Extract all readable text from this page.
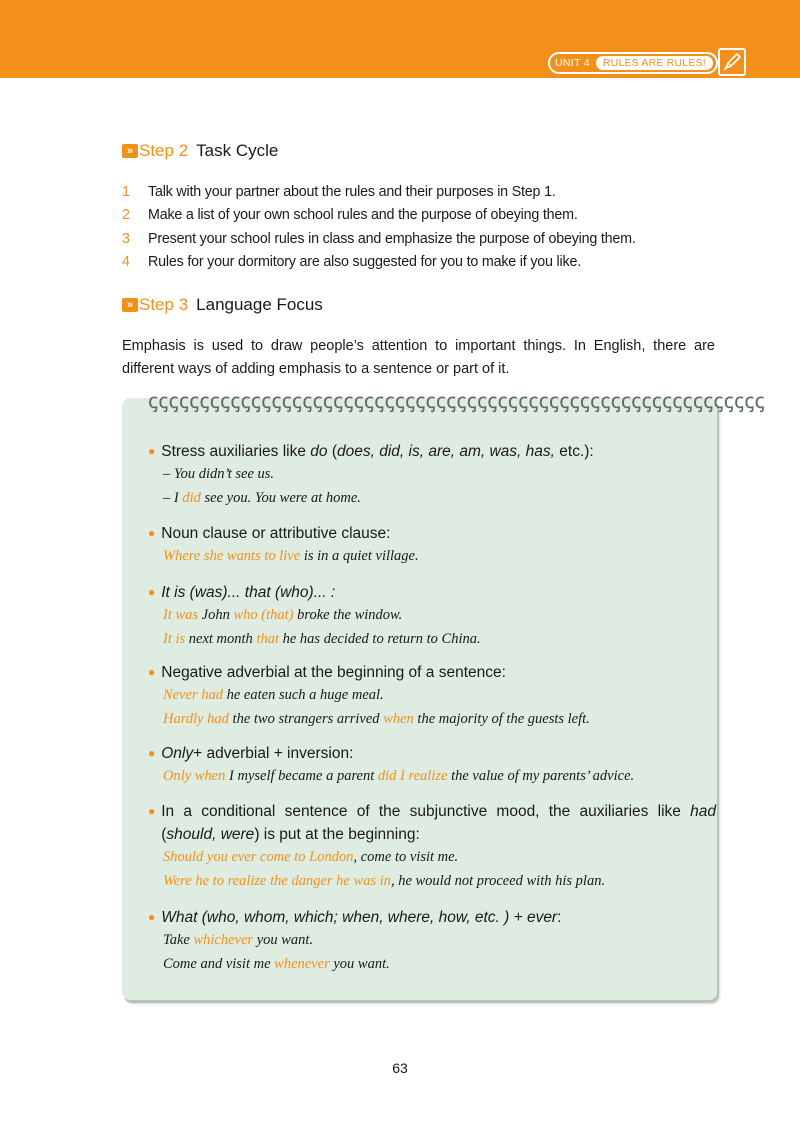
UNIT 4	RULES ARE RULES!
» Step 2 Task Cycle
1	Talk with your partner about the rules and their purposes in Step 1.
2	Make a list of your own school rules and the purpose of obeying them.
3	Present your school rules in class and emphasize the purpose of obeying them.
4	Rules for your dormitory are also suggested for you to make if you like.
» Step 3 Language Focus

Emphasis is used to draw people’s attention to important things. In English, there are different ways of adding emphasis to a sentence or part of it.

ꞔꞔꞔꞔꞔꞔꞔꞔꞔꞔꞔꞔꞔꞔꞔꞔꞔꞔꞔꞔꞔꞔꞔꞔꞔꞔꞔꞔꞔꞔꞔꞔꞔꞔꞔꞔꞔꞔꞔꞔꞔꞔꞔꞔꞔꞔꞔꞔꞔꞔꞔꞔꞔꞔꞔꞔꞔꞔꞔꞔ
● Stress auxiliaries like do (does, did, is, are, am, was, has, etc.):
– You didn’t see us.
– I did see you. You were at home.
● Noun clause or attributive clause:
Where she wants to live is in a quiet village.
● It is (was)... that (who)... :
It was John who (that) broke the window.
It is next month that he has decided to return to China.
● Negative adverbial at the beginning of a sentence:
Never had he eaten such a huge meal.
Hardly had the two strangers arrived when the majority of the guests left.
● Only+ adverbial + inversion:
Only when I myself became a parent did I realize the value of my parents’ advice.
● In a conditional sentence of the subjunctive mood, the auxiliaries like had (should, were) is put at the beginning:
Should you ever come to London, come to visit me.
Were he to realize the danger he was in, he would not proceed with his plan.
● What (who, whom, which; when, where, how, etc. ) + ever:
Take whichever you want.
Come and visit me whenever you want.
63
